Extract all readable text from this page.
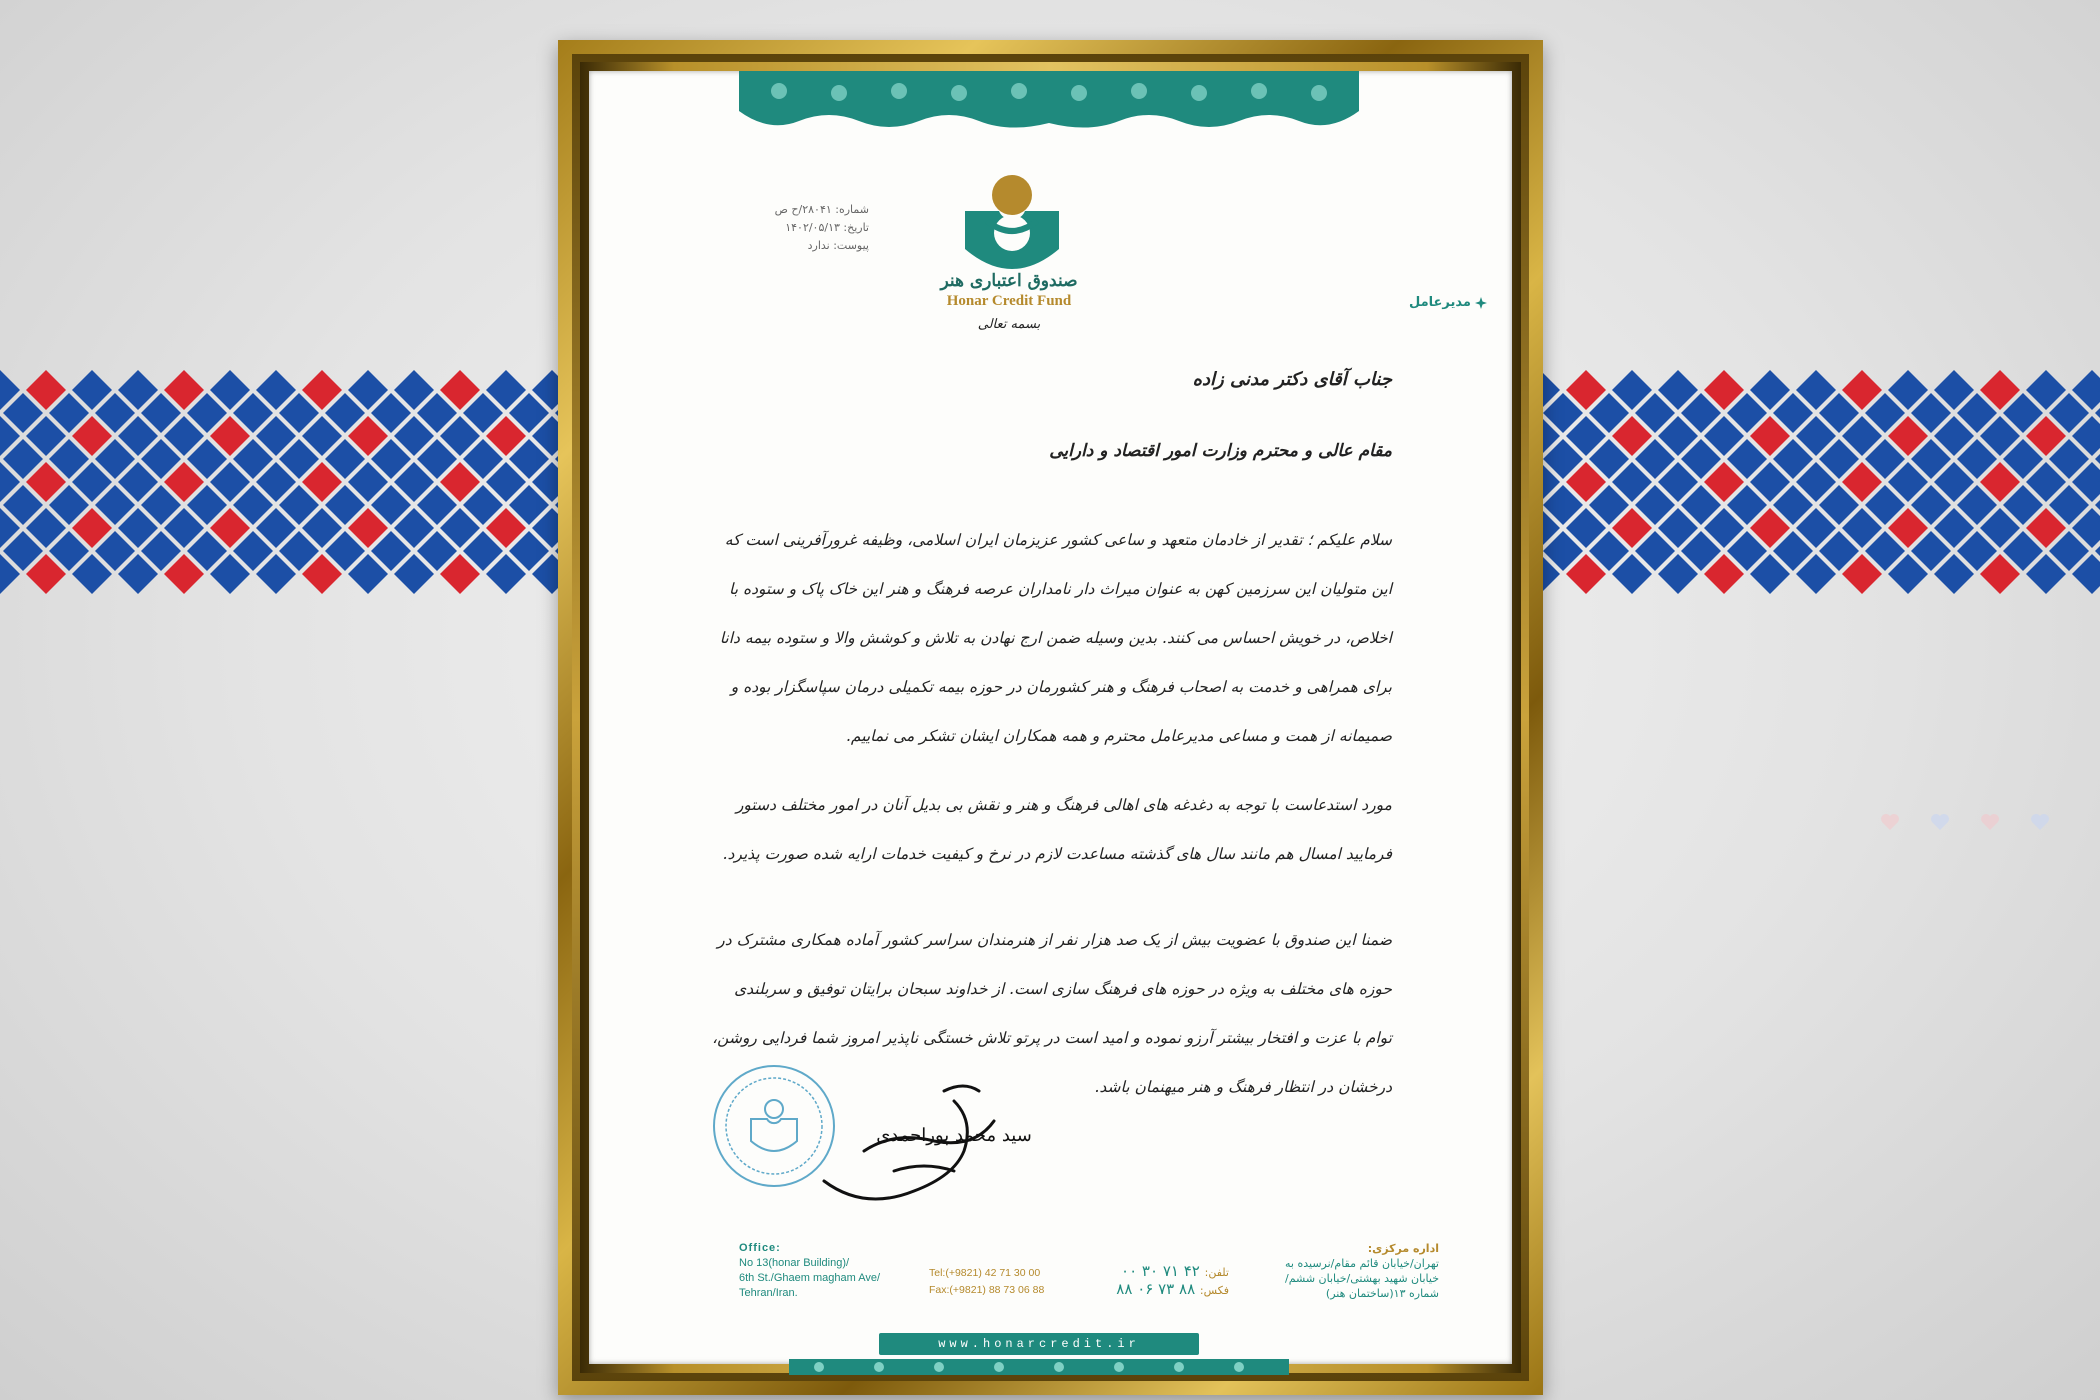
شماره: ۲۸۰۴۱/ح ص
تاریخ: ۱۴۰۲/۰۵/۱۳
پیوست: ندارد
صندوق اعتباری هنر
Honar Credit Fund
بسمه تعالی
مدیرعامل
جناب آقای دکتر مدنی زاده
مقام عالی و محترم وزارت امور اقتصاد و دارایی
سلام علیکم ؛ تقدیر از خادمان متعهد و ساعی کشور عزیزمان ایران اسلامی، وظیفه غرورآفرینی است که این متولیان این سرزمین کهن به عنوان میراث دار نامداران عرصه فرهنگ و هنر این خاک پاک و ستوده با اخلاص، در خویش احساس می کنند. بدین وسیله ضمن ارج نهادن به تلاش و کوشش والا و ستوده بیمه دانا برای همراهی و خدمت به اصحاب فرهنگ و هنر کشورمان در حوزه بیمه تکمیلی درمان سپاسگزار بوده و صمیمانه از همت و مساعی مدیرعامل محترم و همه همکاران ایشان تشکر می نماییم.
مورد استدعاست با توجه به دغدغه های اهالی فرهنگ و هنر و نقش بی بدیل آنان در امور مختلف دستور فرمایید امسال هم مانند سال های گذشته مساعدت لازم در نرخ و کیفیت خدمات ارایه شده صورت پذیرد.
ضمنا این صندوق با عضویت بیش از یک صد هزار نفر از هنرمندان سراسر کشور آماده همکاری مشترک در حوزه های مختلف به ویژه در حوزه های فرهنگ سازی است. از خداوند سبحان برایتان توفیق و سربلندی توام با عزت و افتخار بیشتر آرزو نموده و امید است در پرتو تلاش خستگی ناپذیر امروز شما فردایی روشن، درخشان در انتظار فرهنگ و هنر میهنمان باشد.
سید محمد پوراحمدی
Office:
No 13(honar Building)/
6th St./Ghaem magham Ave/
Tehran/Iran.
Tel:(+9821) 42 71 30 00
Fax:(+9821) 88 73 06 88
تلفن: ۴۲ ۷۱ ۳۰ ۰۰
فکس: ۸۸ ۷۳ ۰۶ ۸۸
اداره مرکزی:
تهران/خیابان قائم مقام/نرسیده به
خیابان شهید بهشتی/خیابان ششم/
شماره ۱۳(ساختمان هنر)
www.honarcredit.ir
